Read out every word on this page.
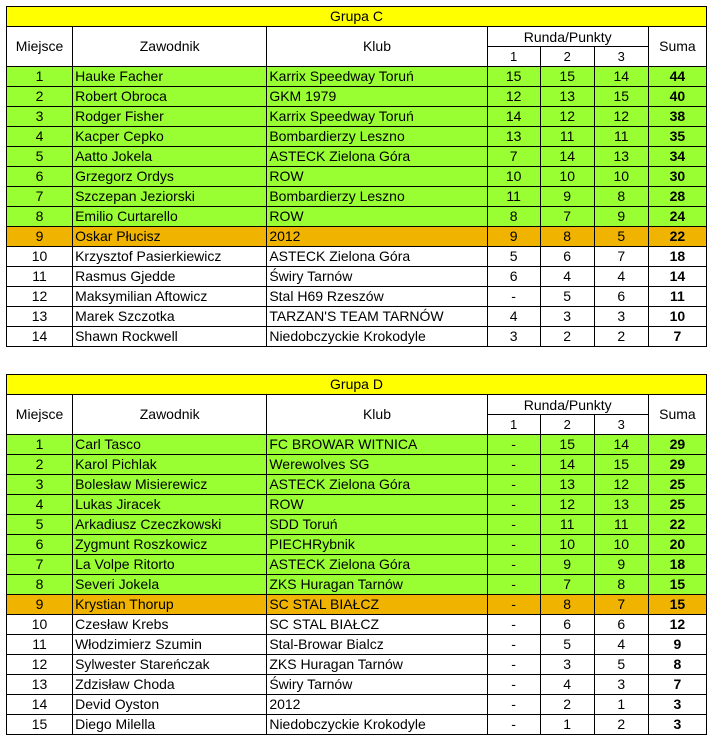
Grupa C						
Miejsce	Zawodnik	Klub	Runda/Punkty			Suma
			1	2	3	
1	Hauke Facher	Karrix Speedway Toruń	15	15	14	44
2	Robert Obroca	GKM 1979	12	13	15	40
3	Rodger Fisher	Karrix Speedway Toruń	14	12	12	38
4	Kacper Cepko	Bombardierzy Leszno	13	11	11	35
5	Aatto Jokela	ASTECK Zielona Góra	7	14	13	34
6	Grzegorz Ordys	ROW	10	10	10	30
7	Szczepan Jeziorski	Bombardierzy Leszno	11	9	8	28
8	Emilio Curtarello	ROW	8	7	9	24
9	Oskar Płucisz	2012	9	8	5	22
10	Krzysztof Pasierkiewicz	ASTECK Zielona Góra	5	6	7	18
11	Rasmus Gjedde	Świry Tarnów	6	4	4	14
12	Maksymilian Aftowicz	Stal H69 Rzeszów	-	5	6	11
13	Marek Szczotka	TARZAN'S TEAM TARNÓW	4	3	3	10
14	Shawn Rockwell	Niedobczyckie Krokodyle	3	2	2	7
Grupa D						
Miejsce	Zawodnik	Klub	Runda/Punkty			Suma
			1	2	3	
1	Carl Tasco	FC BROWAR WITNICA	-	15	14	29
2	Karol Pichlak	Werewolves SG	-	14	15	29
3	Bolesław Misierewicz	ASTECK Zielona Góra	-	13	12	25
4	Lukas Jiracek	ROW	-	12	13	25
5	Arkadiusz Czeczkowski	SDD Toruń	-	11	11	22
6	Zygmunt Roszkowicz	PIECHRybnik	-	10	10	20
7	La Volpe Ritorto	ASTECK Zielona Góra	-	9	9	18
8	Severi Jokela	ZKS Huragan Tarnów	-	7	8	15
9	Krystian Thorup	SC STAL BIAŁCZ	-	8	7	15
10	Czesław Krebs	SC STAL BIAŁCZ	-	6	6	12
11	Włodzimierz Szumin	Stal-Browar Bialcz	-	5	4	9
12	Sylwester Stareńczak	ZKS Huragan Tarnów	-	3	5	8
13	Zdzisław Choda	Świry Tarnów	-	4	3	7
14	Devid Oyston	2012	-	2	1	3
15	Diego Milella	Niedobczyckie Krokodyle	-	1	2	3
